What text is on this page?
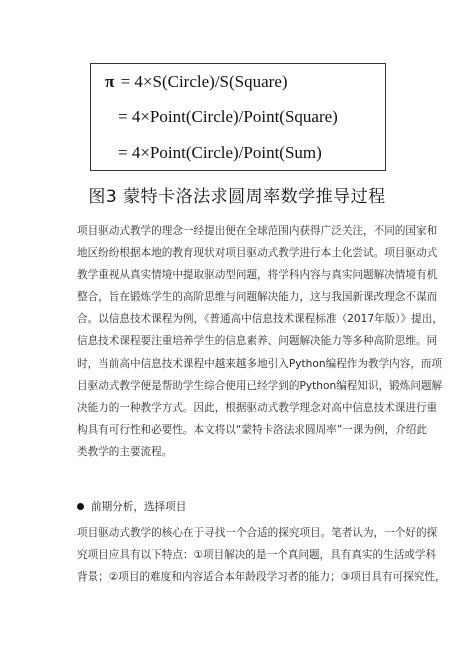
π = 4×S(Circle)/S(Square)
= 4×Point(Circle)/Point(Square)
= 4×Point(Circle)/Point(Sum)
图3 蒙特卡洛法求圆周率数学推导过程
项目驱动式教学的理念一经提出便在全球范围内获得广泛关注，不同的国家和
地区纷纷根据本地的教育现状对项目驱动式教学进行本土化尝试。项目驱动式
教学重视从真实情境中提取驱动型问题，将学科内容与真实问题解决情境有机
整合，旨在锻炼学生的高阶思维与问题解决能力，这与我国新课改理念不谋而
合。以信息技术课程为例，《普通高中信息技术课程标准（2017年版）》提出，
信息技术课程要注重培养学生的信息素养、问题解决能力等多种高阶思维。同
时，当前高中信息技术课程中越来越多地引入Python编程作为教学内容，而项
目驱动式教学便是帮助学生综合使用已经学到的Python编程知识，锻炼问题解
决能力的一种教学方式。因此，根据驱动式教学理念对高中信息技术课进行重
构具有可行性和必要性。本文将以“蒙特卡洛法求圆周率”一课为例，介绍此
类教学的主要流程。
前期分析，选择项目
项目驱动式教学的核心在于寻找一个合适的探究项目。笔者认为，一个好的探
究项目应具有以下特点：①项目解决的是一个真问题，具有真实的生活或学科
背景；②项目的难度和内容适合本年龄段学习者的能力；③项目具有可探究性，
